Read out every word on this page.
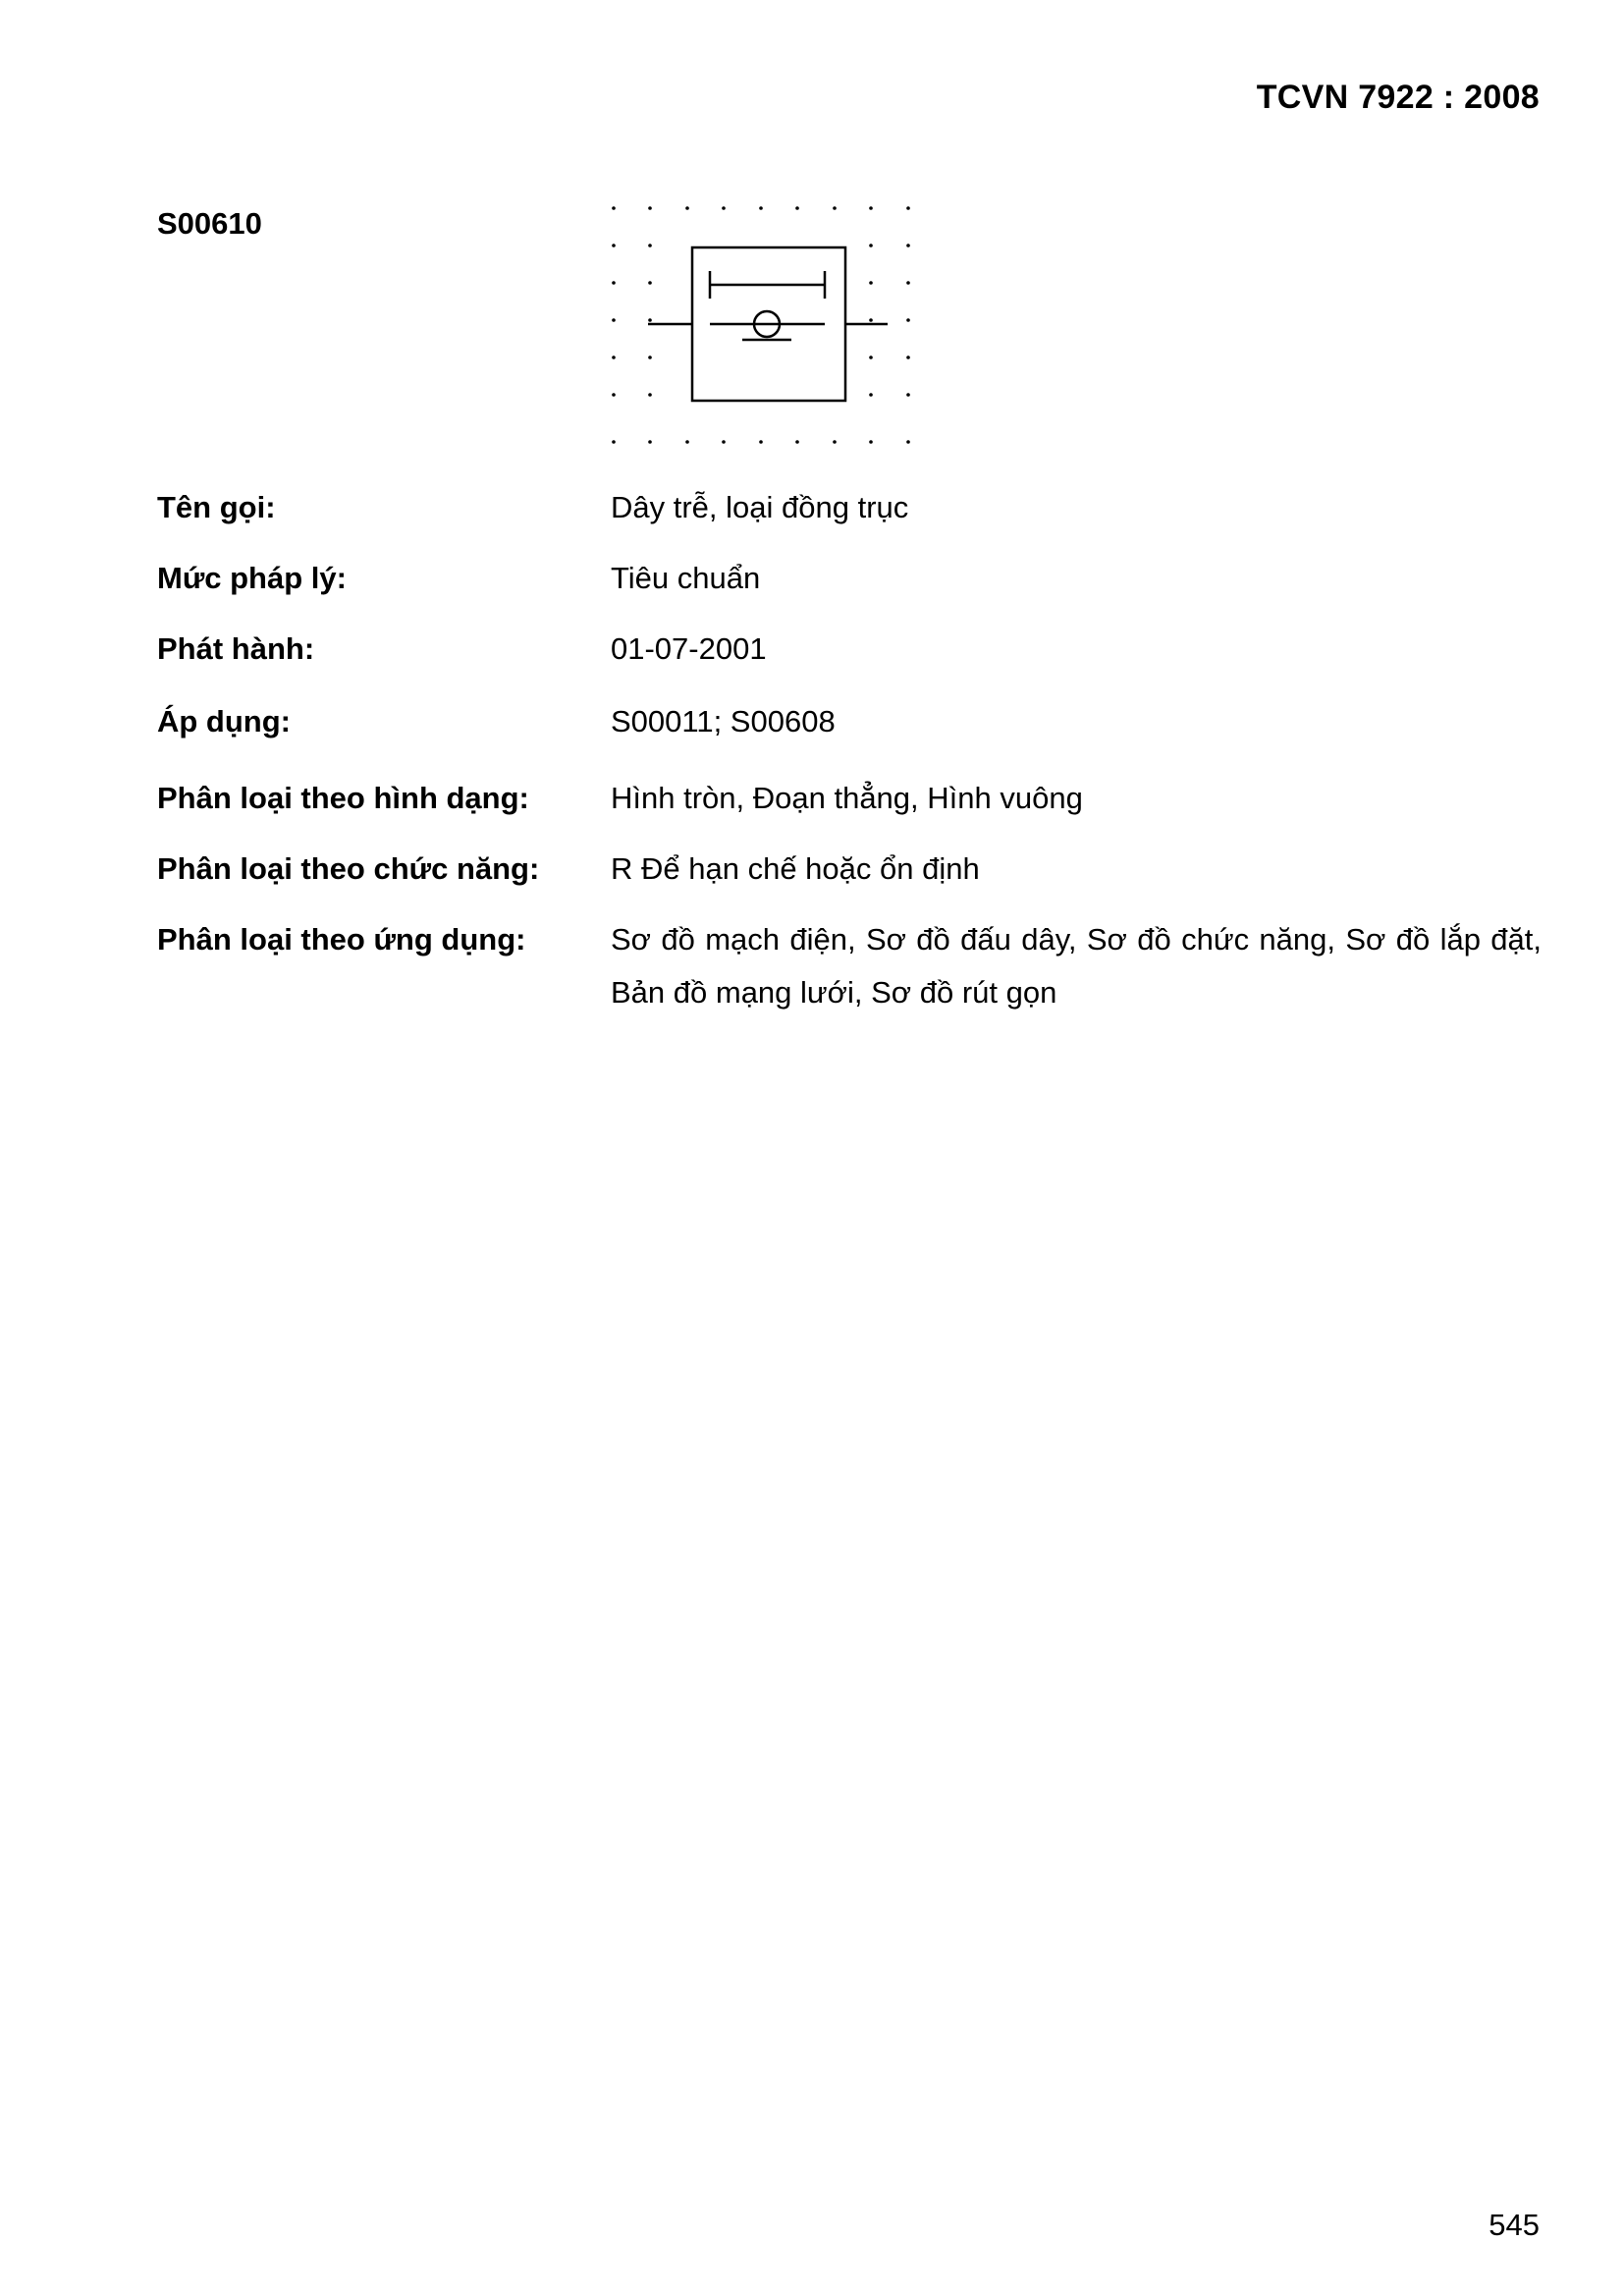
TCVN 7922 : 2008
S00610
Tên gọi:	Dây trễ, loại đồng trục
Mức pháp lý:	Tiêu chuẩn
Phát hành:	01-07-2001
Áp dụng:	S00011; S00608
Phân loại theo hình dạng:	Hình tròn, Đoạn thẳng, Hình vuông
Phân loại theo chức năng: R Để hạn chế hoặc ổn định
Phân loại theo ứng dụng:	Sơ đồ mạch điện, Sơ đồ đấu dây, Sơ đồ chức năng, Sơ đồ lắp đặt, Bản đồ mạng lưới, Sơ đồ rút gọn
545
